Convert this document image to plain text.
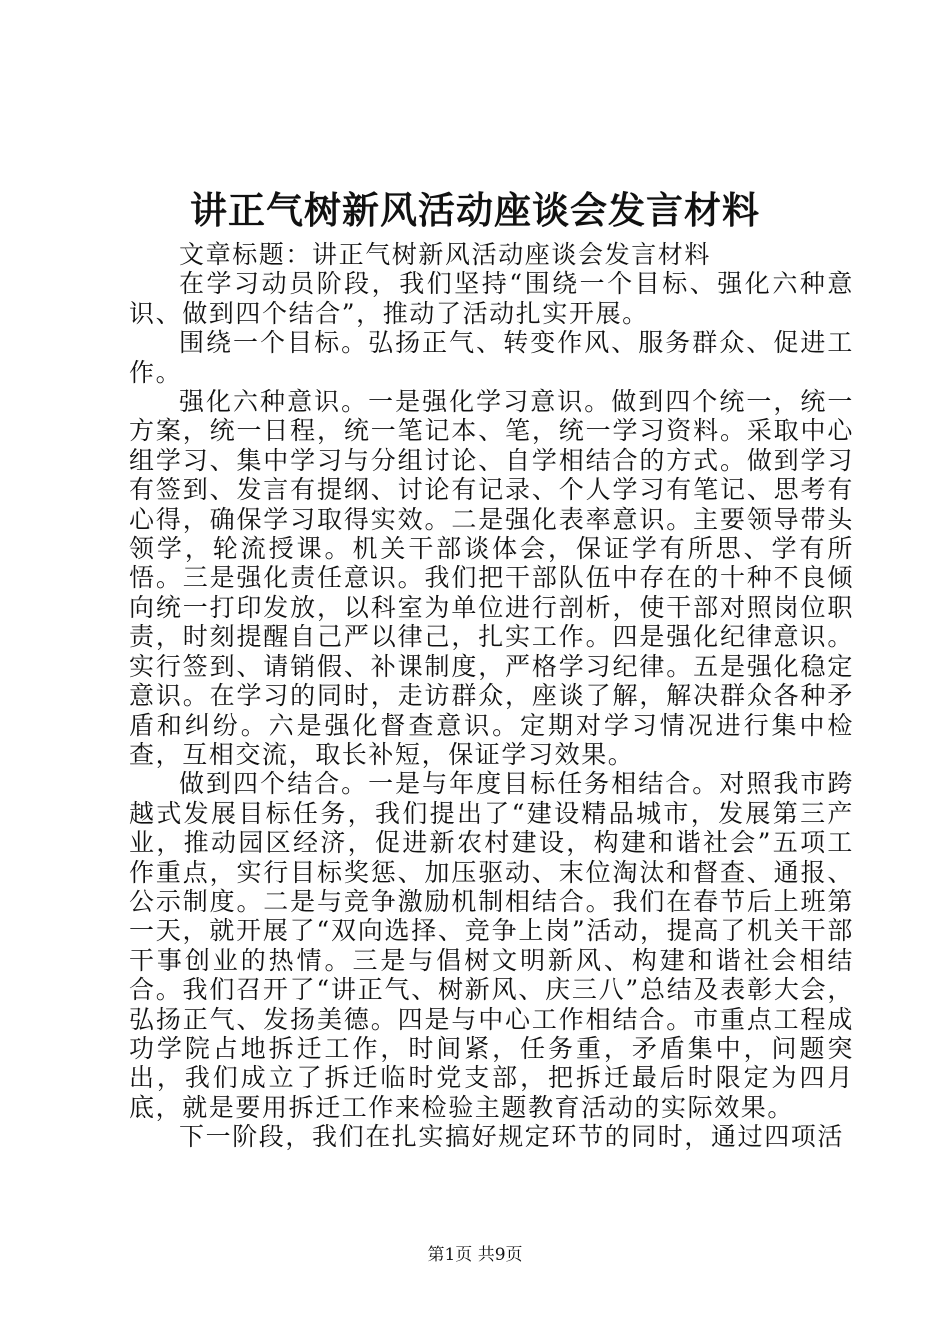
讲正气树新风活动座谈会发言材料

文章标题：讲正气树新风活动座谈会发言材料

在学习动员阶段，我们坚持“围绕一个目标、强化六种意识、做到四个结合”，推动了活动扎实开展。

围绕一个目标。弘扬正气、转变作风、服务群众、促进工作。

强化六种意识。一是强化学习意识。做到四个统一，统一方案，统一日程，统一笔记本、笔，统一学习资料。采取中心组学习、集中学习与分组讨论、自学相结合的方式。做到学习有签到、发言有提纲、讨论有记录、个人学习有笔记、思考有心得，确保学习取得实效。二是强化表率意识。主要领导带头领学，轮流授课。机关干部谈体会，保证学有所思、学有所悟。三是强化责任意识。我们把干部队伍中存在的十种不良倾向统一打印发放，以科室为单位进行剖析，使干部对照岗位职责，时刻提醒自己严以律己，扎实工作。四是强化纪律意识。实行签到、请销假、补课制度，严格学习纪律。五是强化稳定意识。在学习的同时，走访群众，座谈了解，解决群众各种矛盾和纠纷。六是强化督查意识。定期对学习情况进行集中检查，互相交流，取长补短，保证学习效果。

做到四个结合。一是与年度目标任务相结合。对照我市跨越式发展目标任务，我们提出了“建设精品城市，发展第三产业，推动园区经济，促进新农村建设，构建和谐社会”五项工作重点，实行目标奖惩、加压驱动、末位淘汰和督查、通报、公示制度。二是与竞争激励机制相结合。我们在春节后上班第一天，就开展了“双向选择、竞争上岗”活动，提高了机关干部干事创业的热情。三是与倡树文明新风、构建和谐社会相结合。我们召开了“讲正气、树新风、庆三八”总结及表彰大会，弘扬正气、发扬美德。四是与中心工作相结合。市重点工程成功学院占地拆迁工作，时间紧，任务重，矛盾集中，问题突出，我们成立了拆迁临时党支部，把拆迁最后时限定为四月底，就是要用拆迁工作来检验主题教育活动的实际效果。

下一阶段，我们在扎实搞好规定环节的同时，通过四项活

第1页 共9页
